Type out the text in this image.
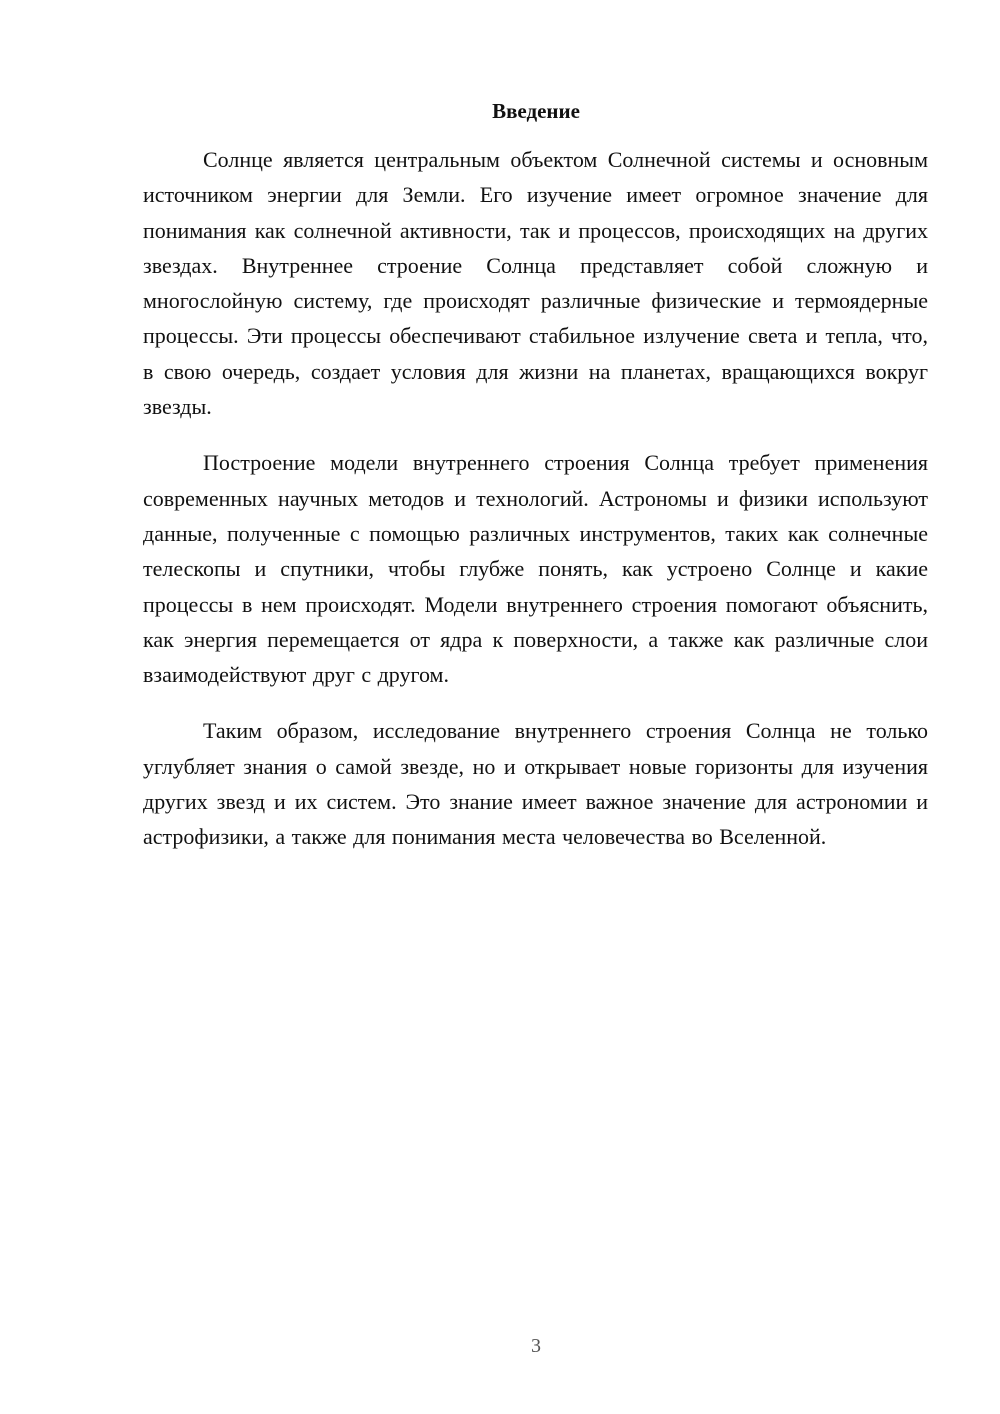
Введение

Солнце является центральным объектом Солнечной системы и основным источником энергии для Земли. Его изучение имеет огромное значение для понимания как солнечной активности, так и процессов, происходящих на других звездах. Внутреннее строение Солнца представляет собой сложную и многослойную систему, где происходят различные физические и термоядерные процессы. Эти процессы обеспечивают стабильное излучение света и тепла, что, в свою очередь, создает условия для жизни на планетах, вращающихся вокруг звезды.

Построение модели внутреннего строения Солнца требует применения современных научных методов и технологий. Астрономы и физики используют данные, полученные с помощью различных инструментов, таких как солнечные телескопы и спутники, чтобы глубже понять, как устроено Солнце и какие процессы в нем происходят. Модели внутреннего строения помогают объяснить, как энергия перемещается от ядра к поверхности, а также как различные слои взаимодействуют друг с другом.

Таким образом, исследование внутреннего строения Солнца не только углубляет знания о самой звезде, но и открывает новые горизонты для изучения других звезд и их систем. Это знание имеет важное значение для астрономии и астрофизики, а также для понимания места человечества во Вселенной.

3
